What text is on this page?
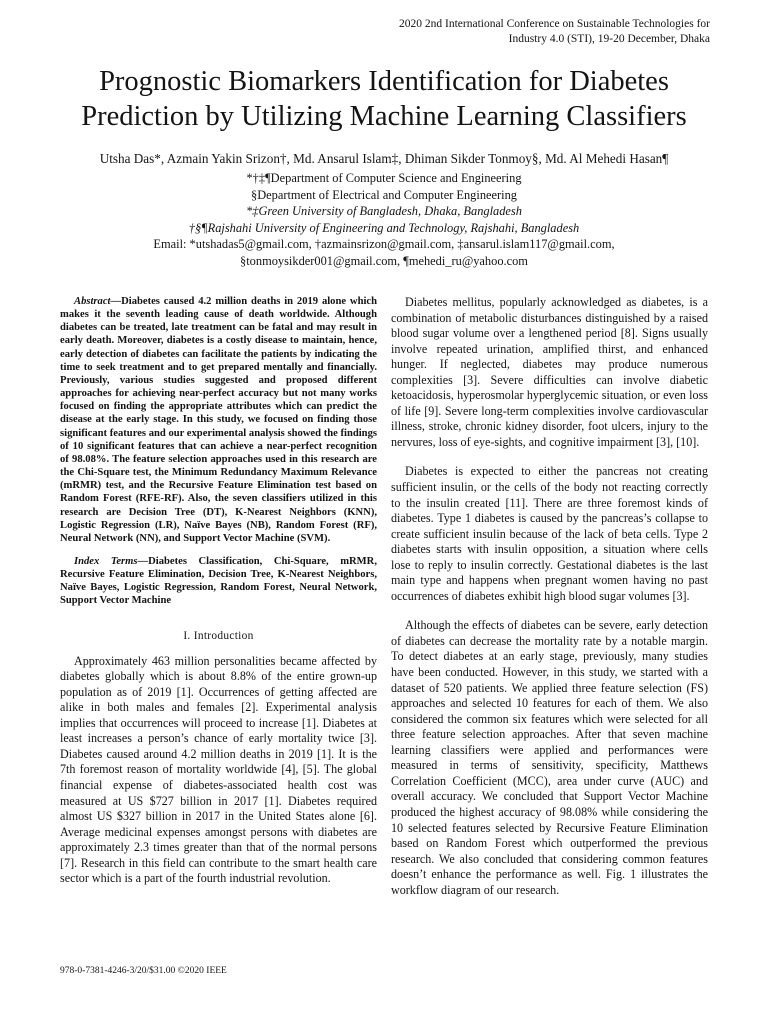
2020 2nd International Conference on Sustainable Technologies for
Industry 4.0 (STI), 19-20 December, Dhaka
Prognostic Biomarkers Identification for Diabetes Prediction by Utilizing Machine Learning Classifiers
Utsha Das*, Azmain Yakin Srizon†, Md. Ansarul Islam‡, Dhiman Sikder Tonmoy§, Md. Al Mehedi Hasan¶
*†‡¶Department of Computer Science and Engineering
§Department of Electrical and Computer Engineering
*‡Green University of Bangladesh, Dhaka, Bangladesh
†§¶Rajshahi University of Engineering and Technology, Rajshahi, Bangladesh
Email: *utshadas5@gmail.com, †azmainsrizon@gmail.com, ‡ansarul.islam117@gmail.com,
§tonmoysikder001@gmail.com, ¶mehedi_ru@yahoo.com

Abstract—Diabetes caused 4.2 million deaths in 2019 alone which makes it the seventh leading cause of death worldwide. Although diabetes can be treated, late treatment can be fatal and may result in early death. Moreover, diabetes is a costly disease to maintain, hence, early detection of diabetes can facilitate the patients by indicating the time to seek treatment and to get prepared mentally and financially. Previously, various studies suggested and proposed different approaches for achieving near-perfect accuracy but not many works focused on finding the appropriate attributes which can predict the disease at the early stage. In this study, we focused on finding those significant features and our experimental analysis showed the findings of 10 significant features that can achieve a near-perfect recognition of 98.08%. The feature selection approaches used in this research are the Chi-Square test, the Minimum Redundancy Maximum Relevance (mRMR) test, and the Recursive Feature Elimination test based on Random Forest (RFE-RF). Also, the seven classifiers utilized in this research are Decision Tree (DT), K-Nearest Neighbors (KNN), Logistic Regression (LR), Naïve Bayes (NB), Random Forest (RF), Neural Network (NN), and Support Vector Machine (SVM).

Index Terms—Diabetes Classification, Chi-Square, mRMR, Recursive Feature Elimination, Decision Tree, K-Nearest Neighbors, Naïve Bayes, Logistic Regression, Random Forest, Neural Network, Support Vector Machine

I. Introduction

Approximately 463 million personalities became affected by diabetes globally which is about 8.8% of the entire grown-up population as of 2019 [1]. Occurrences of getting affected are alike in both males and females [2]. Experimental analysis implies that occurrences will proceed to increase [1]. Diabetes at least increases a person’s chance of early mortality twice [3]. Diabetes caused around 4.2 million deaths in 2019 [1]. It is the 7th foremost reason of mortality worldwide [4], [5]. The global financial expense of diabetes-associated health cost was measured at US $727 billion in 2017 [1]. Diabetes required almost US $327 billion in 2017 in the United States alone [6]. Average medicinal expenses amongst persons with diabetes are approximately 2.3 times greater than that of the normal persons [7]. Research in this field can contribute to the smart health care sector which is a part of the fourth industrial revolution.

Diabetes mellitus, popularly acknowledged as diabetes, is a combination of metabolic disturbances distinguished by a raised blood sugar volume over a lengthened period [8]. Signs usually involve repeated urination, amplified thirst, and enhanced hunger. If neglected, diabetes may produce numerous complexities [3]. Severe difficulties can involve diabetic ketoacidosis, hyperosmolar hyperglycemic situation, or even loss of life [9]. Severe long-term complexities involve cardiovascular illness, stroke, chronic kidney disorder, foot ulcers, injury to the nervures, loss of eye-sights, and cognitive impairment [3], [10].

Diabetes is expected to either the pancreas not creating sufficient insulin, or the cells of the body not reacting correctly to the insulin created [11]. There are three foremost kinds of diabetes. Type 1 diabetes is caused by the pancreas’s collapse to create sufficient insulin because of the lack of beta cells. Type 2 diabetes starts with insulin opposition, a situation where cells lose to reply to insulin correctly. Gestational diabetes is the last main type and happens when pregnant women having no past occurrences of diabetes exhibit high blood sugar volumes [3].

Although the effects of diabetes can be severe, early detection of diabetes can decrease the mortality rate by a notable margin. To detect diabetes at an early stage, previously, many studies have been conducted. However, in this study, we started with a dataset of 520 patients. We applied three feature selection (FS) approaches and selected 10 features for each of them. We also considered the common six features which were selected for all three feature selection approaches. After that seven machine learning classifiers were applied and performances were measured in terms of sensitivity, specificity, Matthews Correlation Coefficient (MCC), area under curve (AUC) and overall accuracy. We concluded that Support Vector Machine produced the highest accuracy of 98.08% while considering the 10 selected features selected by Recursive Feature Elimination based on Random Forest which outperformed the previous research. We also concluded that considering common features doesn’t enhance the performance as well. Fig. 1 illustrates the workflow diagram of our research.

978-0-7381-4246-3/20/$31.00 ©2020 IEEE
